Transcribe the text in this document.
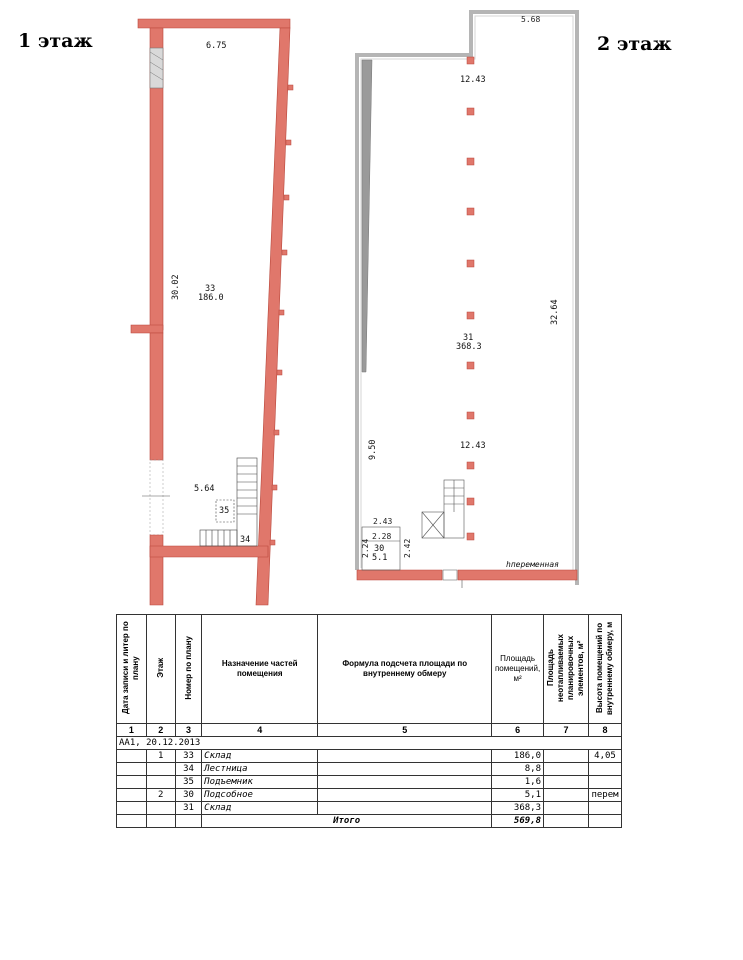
1 этаж	2 этаж
6.75
30.02	33
186.0
5.64
35
34
5.68
12.43
32.64
31
368.3
12.43
9.50
2.43
2.28
2.24	2.42
30
5.1
hпеременная
Дата записи и литер по плану	Этаж	Номер по плану	Назначение частей помещения	Формула подсчета площади по внутреннему обмеру	Площадь помещений, м²	Площадь неотапливаемых планировочных элементов, м²	Высота помещений по внутреннему обмеру, м
1	2	3	4	5	6	7	8
АА1, 20.12.2013							
	1	33	Склад		186,0		4,05
		34	Лестница		8,8		
		35	Подъемник		1,6		
	2	30	Подсобное		5,1		перем
		31	Склад		368,3		
			Итого		569,8		
